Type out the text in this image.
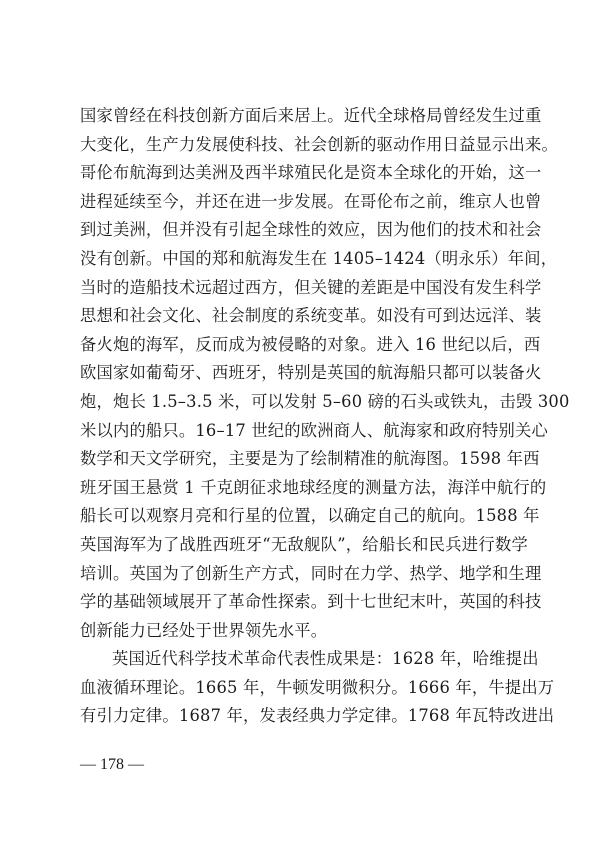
国家曾经在科技创新方面后来居上。近代全球格局曾经发生过重
大变化，生产力发展使科技、社会创新的驱动作用日益显示出来。
哥伦布航海到达美洲及西半球殖民化是资本全球化的开始，这一
进程延续至今，并还在进一步发展。在哥伦布之前，维京人也曾
到过美洲，但并没有引起全球性的效应，因为他们的技术和社会
没有创新。中国的郑和航海发生在 1405–1424（明永乐）年间，
当时的造船技术远超过西方，但关键的差距是中国没有发生科学
思想和社会文化、社会制度的系统变革。如没有可到达远洋、装
备火炮的海军，反而成为被侵略的对象。进入 16 世纪以后，西
欧国家如葡萄牙、西班牙，特别是英国的航海船只都可以装备火
炮，炮长 1.5–3.5 米，可以发射 5–60 磅的石头或铁丸，击毁 300
米以内的船只。16–17 世纪的欧洲商人、航海家和政府特别关心
数学和天文学研究，主要是为了绘制精准的航海图。1598 年西
班牙国王悬赏 1 千克朗征求地球经度的测量方法，海洋中航行的
船长可以观察月亮和行星的位置，以确定自己的航向。1588 年
英国海军为了战胜西班牙“无敌舰队”，给船长和民兵进行数学
培训。英国为了创新生产方式，同时在力学、热学、地学和生理
学的基础领域展开了革命性探索。到十七世纪末叶，英国的科技
创新能力已经处于世界领先水平。
英国近代科学技术革命代表性成果是：1628 年，哈维提出
血液循环理论。1665 年，牛顿发明微积分。1666 年，牛提出万
有引力定律。1687 年，发表经典力学定律。1768 年瓦特改进出
— 178 —
